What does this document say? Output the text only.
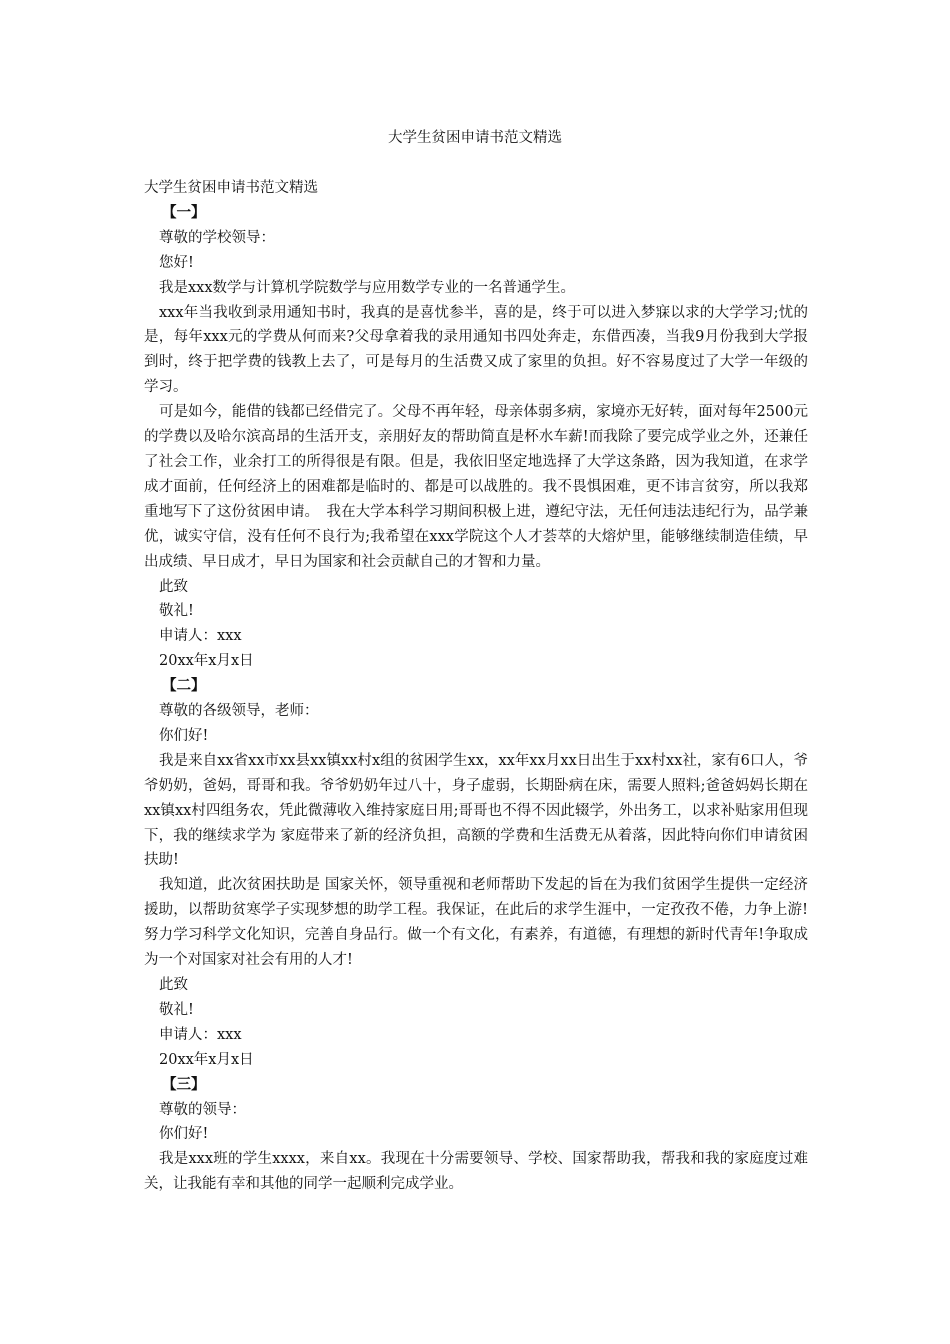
大学生贫困申请书范文精选

大学生贫困申请书范文精选

【一】

尊敬的学校领导：

您好!

我是xxx数学与计算机学院数学与应用数学专业的一名普通学生。

xxx年当我收到录用通知书时，我真的是喜忧参半，喜的是，终于可以进入梦寐以求的大学学习;忧的是，每年xxx元的学费从何而来?父母拿着我的录用通知书四处奔走，东借西凑，当我9月份我到大学报到时，终于把学费的钱教上去了，可是每月的生活费又成了家里的负担。好不容易度过了大学一年级的学习。

可是如今，能借的钱都已经借完了。父母不再年轻，母亲体弱多病，家境亦无好转，面对每年2500元的学费以及哈尔滨高昂的生活开支，亲朋好友的帮助简直是杯水车薪!而我除了要完成学业之外，还兼任了社会工作，业余打工的所得很是有限。但是，我依旧坚定地选择了大学这条路，因为我知道，在求学成才面前，任何经济上的困难都是临时的、都是可以战胜的。我不畏惧困难，更不讳言贫穷，所以我郑重地写下了这份贫困申请。　我在大学本科学习期间积极上进，遵纪守法，无任何违法违纪行为，品学兼优，诚实守信，没有任何不良行为;我希望在xxx学院这个人才荟萃的大熔炉里，能够继续制造佳绩，早出成绩、早日成才，早日为国家和社会贡献自己的才智和力量。

此致

敬礼!

申请人：xxx

20xx年x月x日

【二】

尊敬的各级领导，老师：

你们好!

我是来自xx省xx市xx县xx镇xx村x组的贫困学生xx，xx年xx月xx日出生于xx村xx社，家有6口人，爷爷奶奶，爸妈，哥哥和我。爷爷奶奶年过八十，身子虚弱，长期卧病在床，需要人照料;爸爸妈妈长期在xx镇xx村四组务农，凭此微薄收入维持家庭日用;哥哥也不得不因此辍学，外出务工，以求补贴家用但现下，我的继续求学为 家庭带来了新的经济负担，高额的学费和生活费无从着落，因此特向你们申请贫困扶助!

我知道，此次贫困扶助是 国家关怀，领导重视和老师帮助下发起的旨在为我们贫困学生提供一定经济援助，以帮助贫寒学子实现梦想的助学工程。我保证，在此后的求学生涯中，一定孜孜不倦，力争上游!努力学习科学文化知识，完善自身品行。做一个有文化，有素养，有道德，有理想的新时代青年!争取成为一个对国家对社会有用的人才!

此致

敬礼!

申请人：xxx

20xx年x月x日

【三】

尊敬的领导：

你们好!

我是xxx班的学生xxxx，来自xx。我现在十分需要领导、学校、国家帮助我，帮我和我的家庭度过难关，让我能有幸和其他的同学一起顺利完成学业。
